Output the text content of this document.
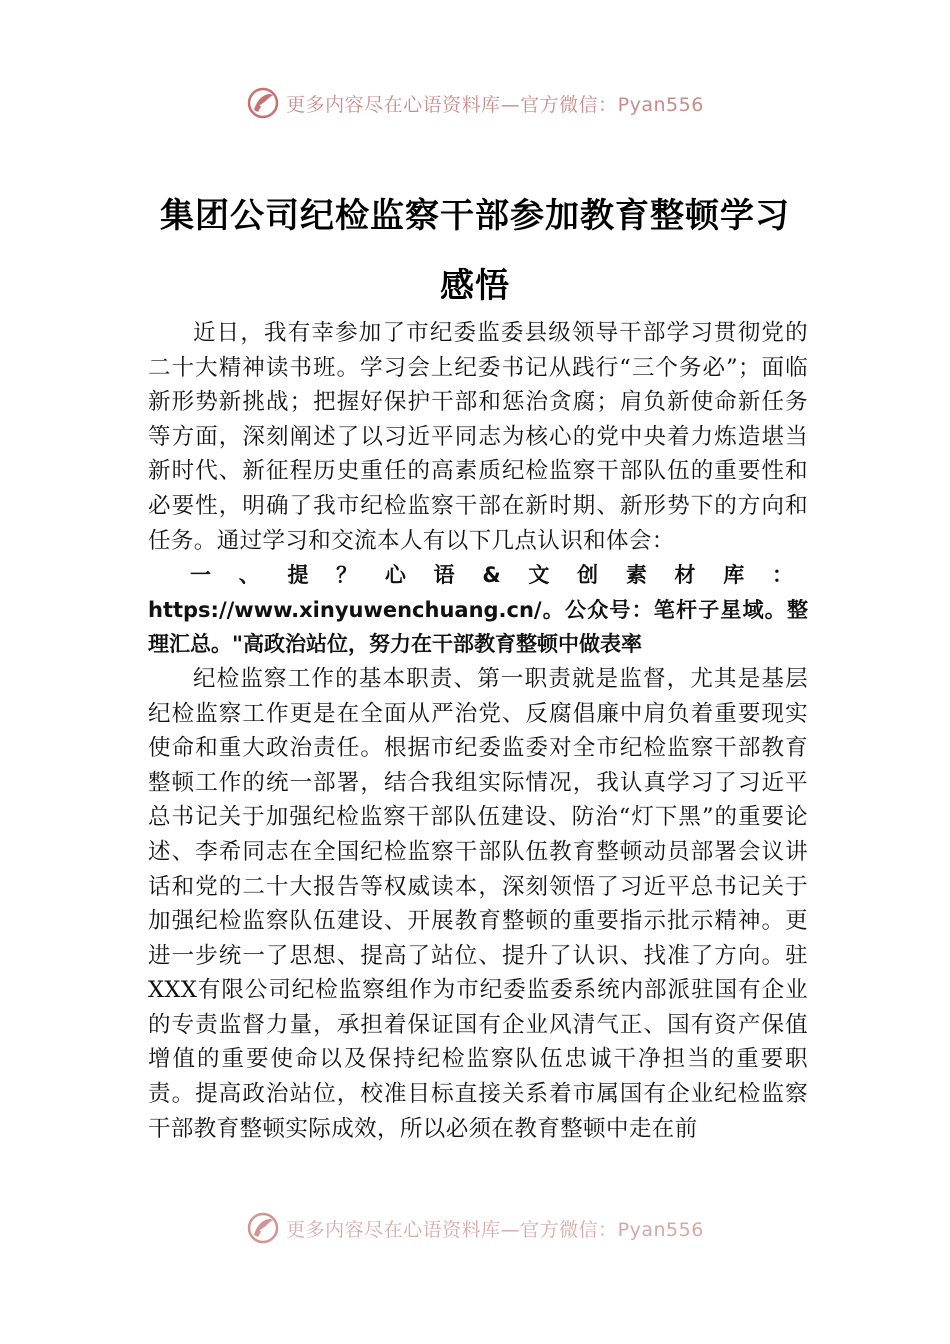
更多内容尽在心语资料库—官方微信：Pyan556
集团公司纪检监察干部参加教育整顿学习
感悟

近日，我有幸参加了市纪委监委县级领导干部学习贯彻党的二十大精神读书班。学习会上纪委书记从践行“三个务必”；面临新形势新挑战；把握好保护干部和惩治贪腐；肩负新使命新任务等方面，深刻阐述了以习近平同志为核心的党中央着力炼造堪当新时代、新征程历史重任的高素质纪检监察干部队伍的重要性和必要性，明确了我市纪检监察干部在新时期、新形势下的方向和任务。通过学习和交流本人有以下几点认识和体会：

一、提？心语&文创素材库：https://www.xinyuwenchuang.cn/。公众号：笔杆子星域。整理汇总。"高政治站位，努力在干部教育整顿中做表率

纪检监察工作的基本职责、第一职责就是监督，尤其是基层纪检监察工作更是在全面从严治党、反腐倡廉中肩负着重要现实使命和重大政治责任。根据市纪委监委对全市纪检监察干部教育整顿工作的统一部署，结合我组实际情况，我认真学习了习近平总书记关于加强纪检监察干部队伍建设、防治“灯下黑”的重要论述、李希同志在全国纪检监察干部队伍教育整顿动员部署会议讲话和党的二十大报告等权威读本，深刻领悟了习近平总书记关于加强纪检监察队伍建设、开展教育整顿的重要指示批示精神。更进一步统一了思想、提高了站位、提升了认识、找准了方向。驻XXX有限公司纪检监察组作为市纪委监委系统内部派驻国有企业的专责监督力量，承担着保证国有企业风清气正、国有资产保值增值的重要使命以及保持纪检监察队伍忠诚干净担当的重要职责。提高政治站位，校准目标直接关系着市属国有企业纪检监察干部教育整顿实际成效，所以必须在教育整顿中走在前

更多内容尽在心语资料库—官方微信：Pyan556
